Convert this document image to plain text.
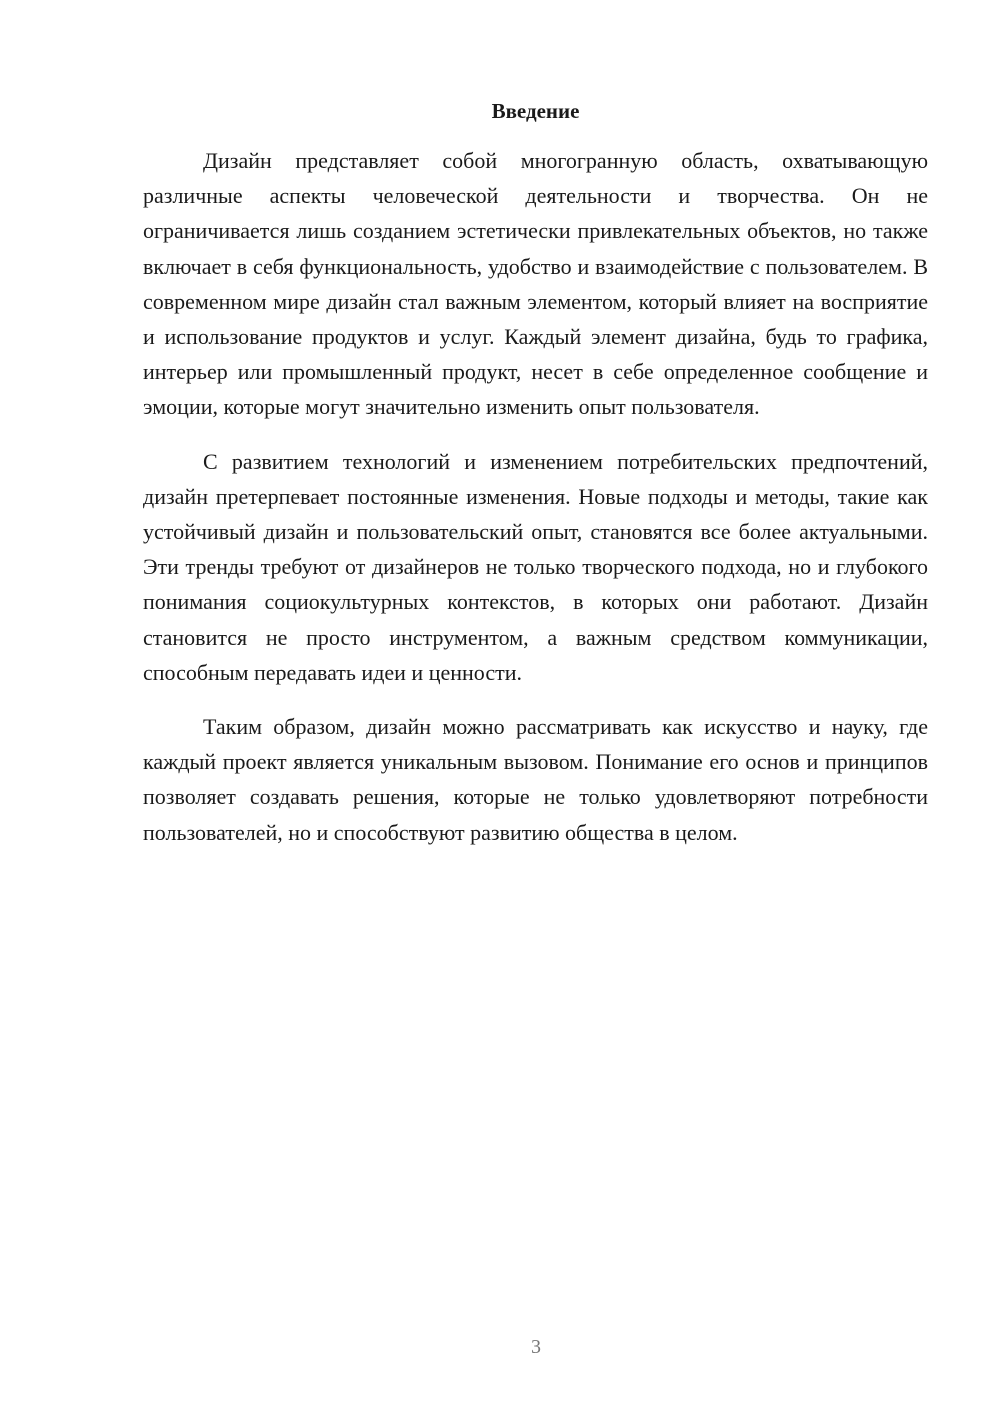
Введение

Дизайн представляет собой многогранную область, охватывающую различные аспекты человеческой деятельности и творчества. Он не ограничивается лишь созданием эстетически привлекательных объектов, но также включает в себя функциональность, удобство и взаимодействие с пользователем. В современном мире дизайн стал важным элементом, который влияет на восприятие и использование продуктов и услуг. Каждый элемент дизайна, будь то графика, интерьер или промышленный продукт, несет в себе определенное сообщение и эмоции, которые могут значительно изменить опыт пользователя.

С развитием технологий и изменением потребительских предпочтений, дизайн претерпевает постоянные изменения. Новые подходы и методы, такие как устойчивый дизайн и пользовательский опыт, становятся все более актуальными. Эти тренды требуют от дизайнеров не только творческого подхода, но и глубокого понимания социокультурных контекстов, в которых они работают. Дизайн становится не просто инструментом, а важным средством коммуникации, способным передавать идеи и ценности.

Таким образом, дизайн можно рассматривать как искусство и науку, где каждый проект является уникальным вызовом. Понимание его основ и принципов позволяет создавать решения, которые не только удовлетворяют потребности пользователей, но и способствуют развитию общества в целом.

3
